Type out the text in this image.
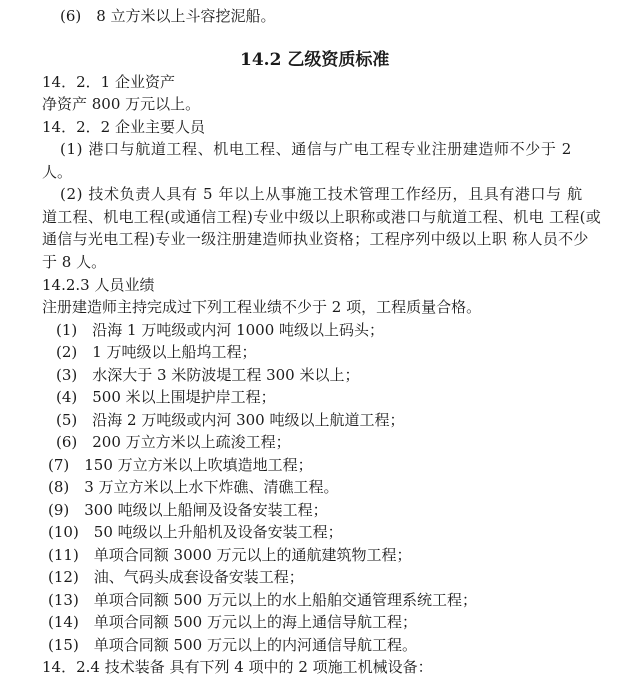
(6)　8 立方米以上斗容挖泥船。
14.2 乙级资质标准
14．2．1 企业资产
净资产 800 万元以上。
14．2．2 企业主要人员
(1) 港口与航道工程、机电工程、通信与广电工程专业注册建造师不少于 2
人。
(2) 技术负责人具有 5 年以上从事施工技术管理工作经历，且具有港口与 航
道工程、机电工程(或通信工程)专业中级以上职称或港口与航道工程、机电 工程(或
通信与光电工程)专业一级注册建造师执业资格；工程序列中级以上职 称人员不少
于 8 人。
14.2.3 人员业绩
注册建造师主持完成过下列工程业绩不少于 2 项，工程质量合格。
(1)　沿海 1 万吨级或内河 1000 吨级以上码头；
(2)　1 万吨级以上船坞工程；
(3)　水深大于 3 米防波堤工程 300 米以上；
(4)　500 米以上围堤护岸工程；
(5)　沿海 2 万吨级或内河 300 吨级以上航道工程；
(6)　200 万立方米以上疏浚工程；
(7)　150 万立方米以上吹填造地工程；
(8)　3 万立方米以上水下炸礁、清礁工程。
(9)　300 吨级以上船闸及设备安装工程；
(10)　50 吨级以上升船机及设备安装工程；
(11)　单项合同额 3000 万元以上的通航建筑物工程；
(12)　油、气码头成套设备安装工程；
(13)　单项合同额 500 万元以上的水上船舶交通管理系统工程；
(14)　单项合同额 500 万元以上的海上通信导航工程；
(15)　单项合同额 500 万元以上的内河通信导航工程。
14．2.4 技术装备 具有下列 4 项中的 2 项施工机械设备：
